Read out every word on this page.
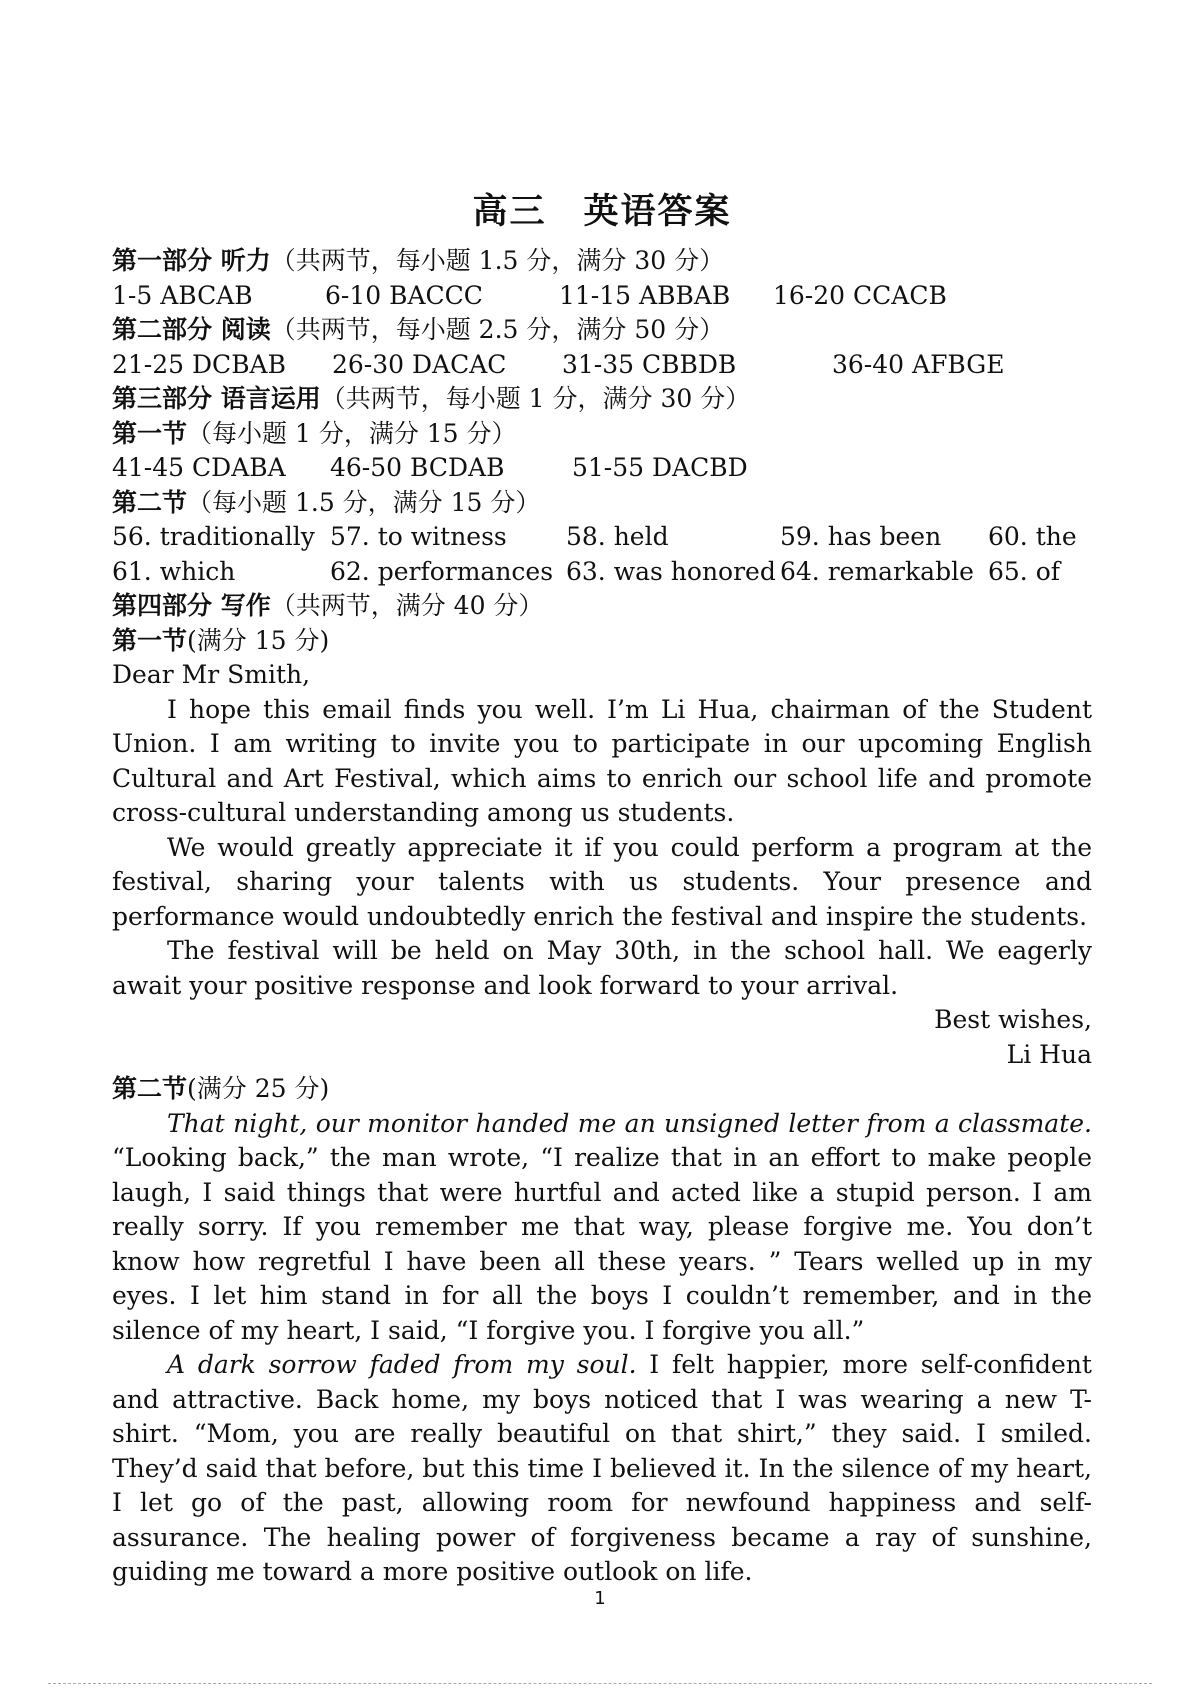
高三　英语答案
第一部分 听力（共两节，每小题 1.5 分，满分 30 分）
1-5 ABCAB	6-10 BACCC	11-15 ABBAB	16-20 CCACB
第二部分 阅读（共两节，每小题 2.5 分，满分 50 分）
21-25 DCBAB	26-30 DACAC	31-35 CBBDB	36-40 AFBGE
第三部分 语言运用（共两节，每小题 1 分，满分 30 分）
第一节（每小题 1 分，满分 15 分）
41-45 CDABA	46-50 BCDAB	51-55 DACBD
第二节（每小题 1.5 分，满分 15 分）
56. traditionally 57. to witness	58. held	59. has been	60. the
61. which	62. performances 63. was honored 64. remarkable 65. of
第四部分 写作（共两节，满分 40 分）
第一节(满分 15 分)

Dear Mr Smith,

I hope this email finds you well. I’m Li Hua, chairman of the Student Union. I am writing to invite you to participate in our upcoming English Cultural and Art Festival, which aims to enrich our school life and promote cross-cultural understanding among us students.

We would greatly appreciate it if you could perform a program at the festival, sharing your talents with us students. Your presence and performance would undoubtedly enrich the festival and inspire the students.

The festival will be held on May 30th, in the school hall. We eagerly await your positive response and look forward to your arrival.

Best wishes,

Li Hua

第二节(满分 25 分)

That night, our monitor handed me an unsigned letter from a classmate. “Looking back,” the man wrote, “I realize that in an effort to make people laugh, I said things that were hurtful and acted like a stupid person. I am really sorry. If you remember me that way, please forgive me. You don’t know how regretful I have been all these years. ” Tears welled up in my eyes. I let him stand in for all the boys I couldn’t remember, and in the silence of my heart, I said, “I forgive you. I forgive you all.”

A dark sorrow faded from my soul. I felt happier, more self-confident and attractive. Back home, my boys noticed that I was wearing a new T-shirt. “Mom, you are really beautiful on that shirt,” they said. I smiled. They’d said that before, but this time I believed it. In the silence of my heart, I let go of the past, allowing room for newfound happiness and self-assurance. The healing power of forgiveness became a ray of sunshine, guiding me toward a more positive outlook on life.

1
